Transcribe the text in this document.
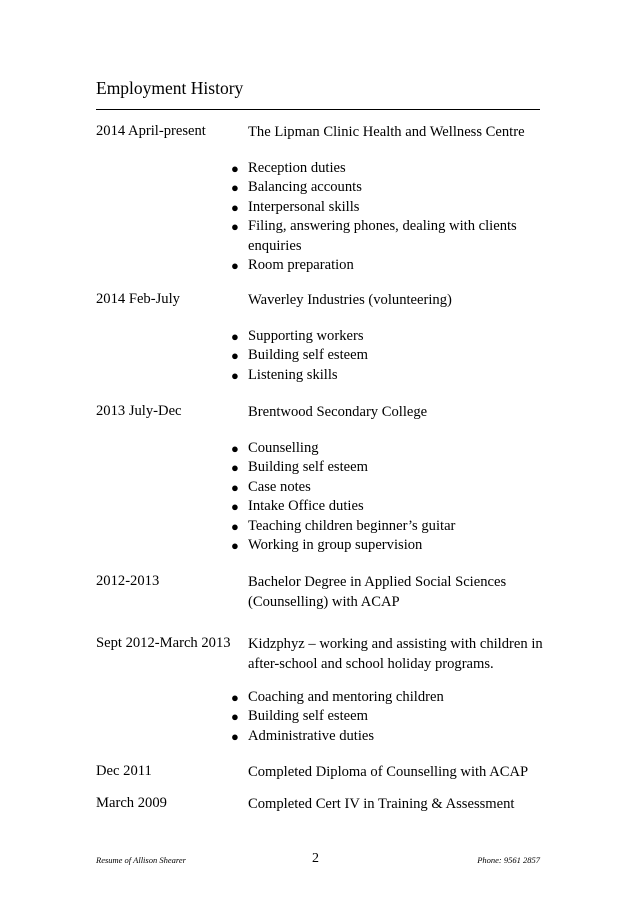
Employment History
2014 April-present	The Lipman Clinic Health and Wellness Centre
● Reception duties
● Balancing accounts
● Interpersonal skills
● Filing, answering phones, dealing with clients enquiries
● Room preparation
2014 Feb-July	Waverley Industries (volunteering)
● Supporting workers
● Building self esteem
● Listening skills
2013 July-Dec	Brentwood Secondary College
● Counselling
● Building self esteem
● Case notes
● Intake Office duties
● Teaching children beginner’s guitar
● Working in group supervision
2012-2013	Bachelor Degree in Applied Social Sciences (Counselling) with ACAP
Sept 2012-March 2013	Kidzphyz – working and assisting with children in after-school and school holiday programs.
● Coaching and mentoring children
● Building self esteem
● Administrative duties
Dec 2011	Completed Diploma of Counselling with ACAP
March 2009	Completed Cert IV in Training & Assessment
Resume of Allison Shearer	Phone: 9561 2857
2
